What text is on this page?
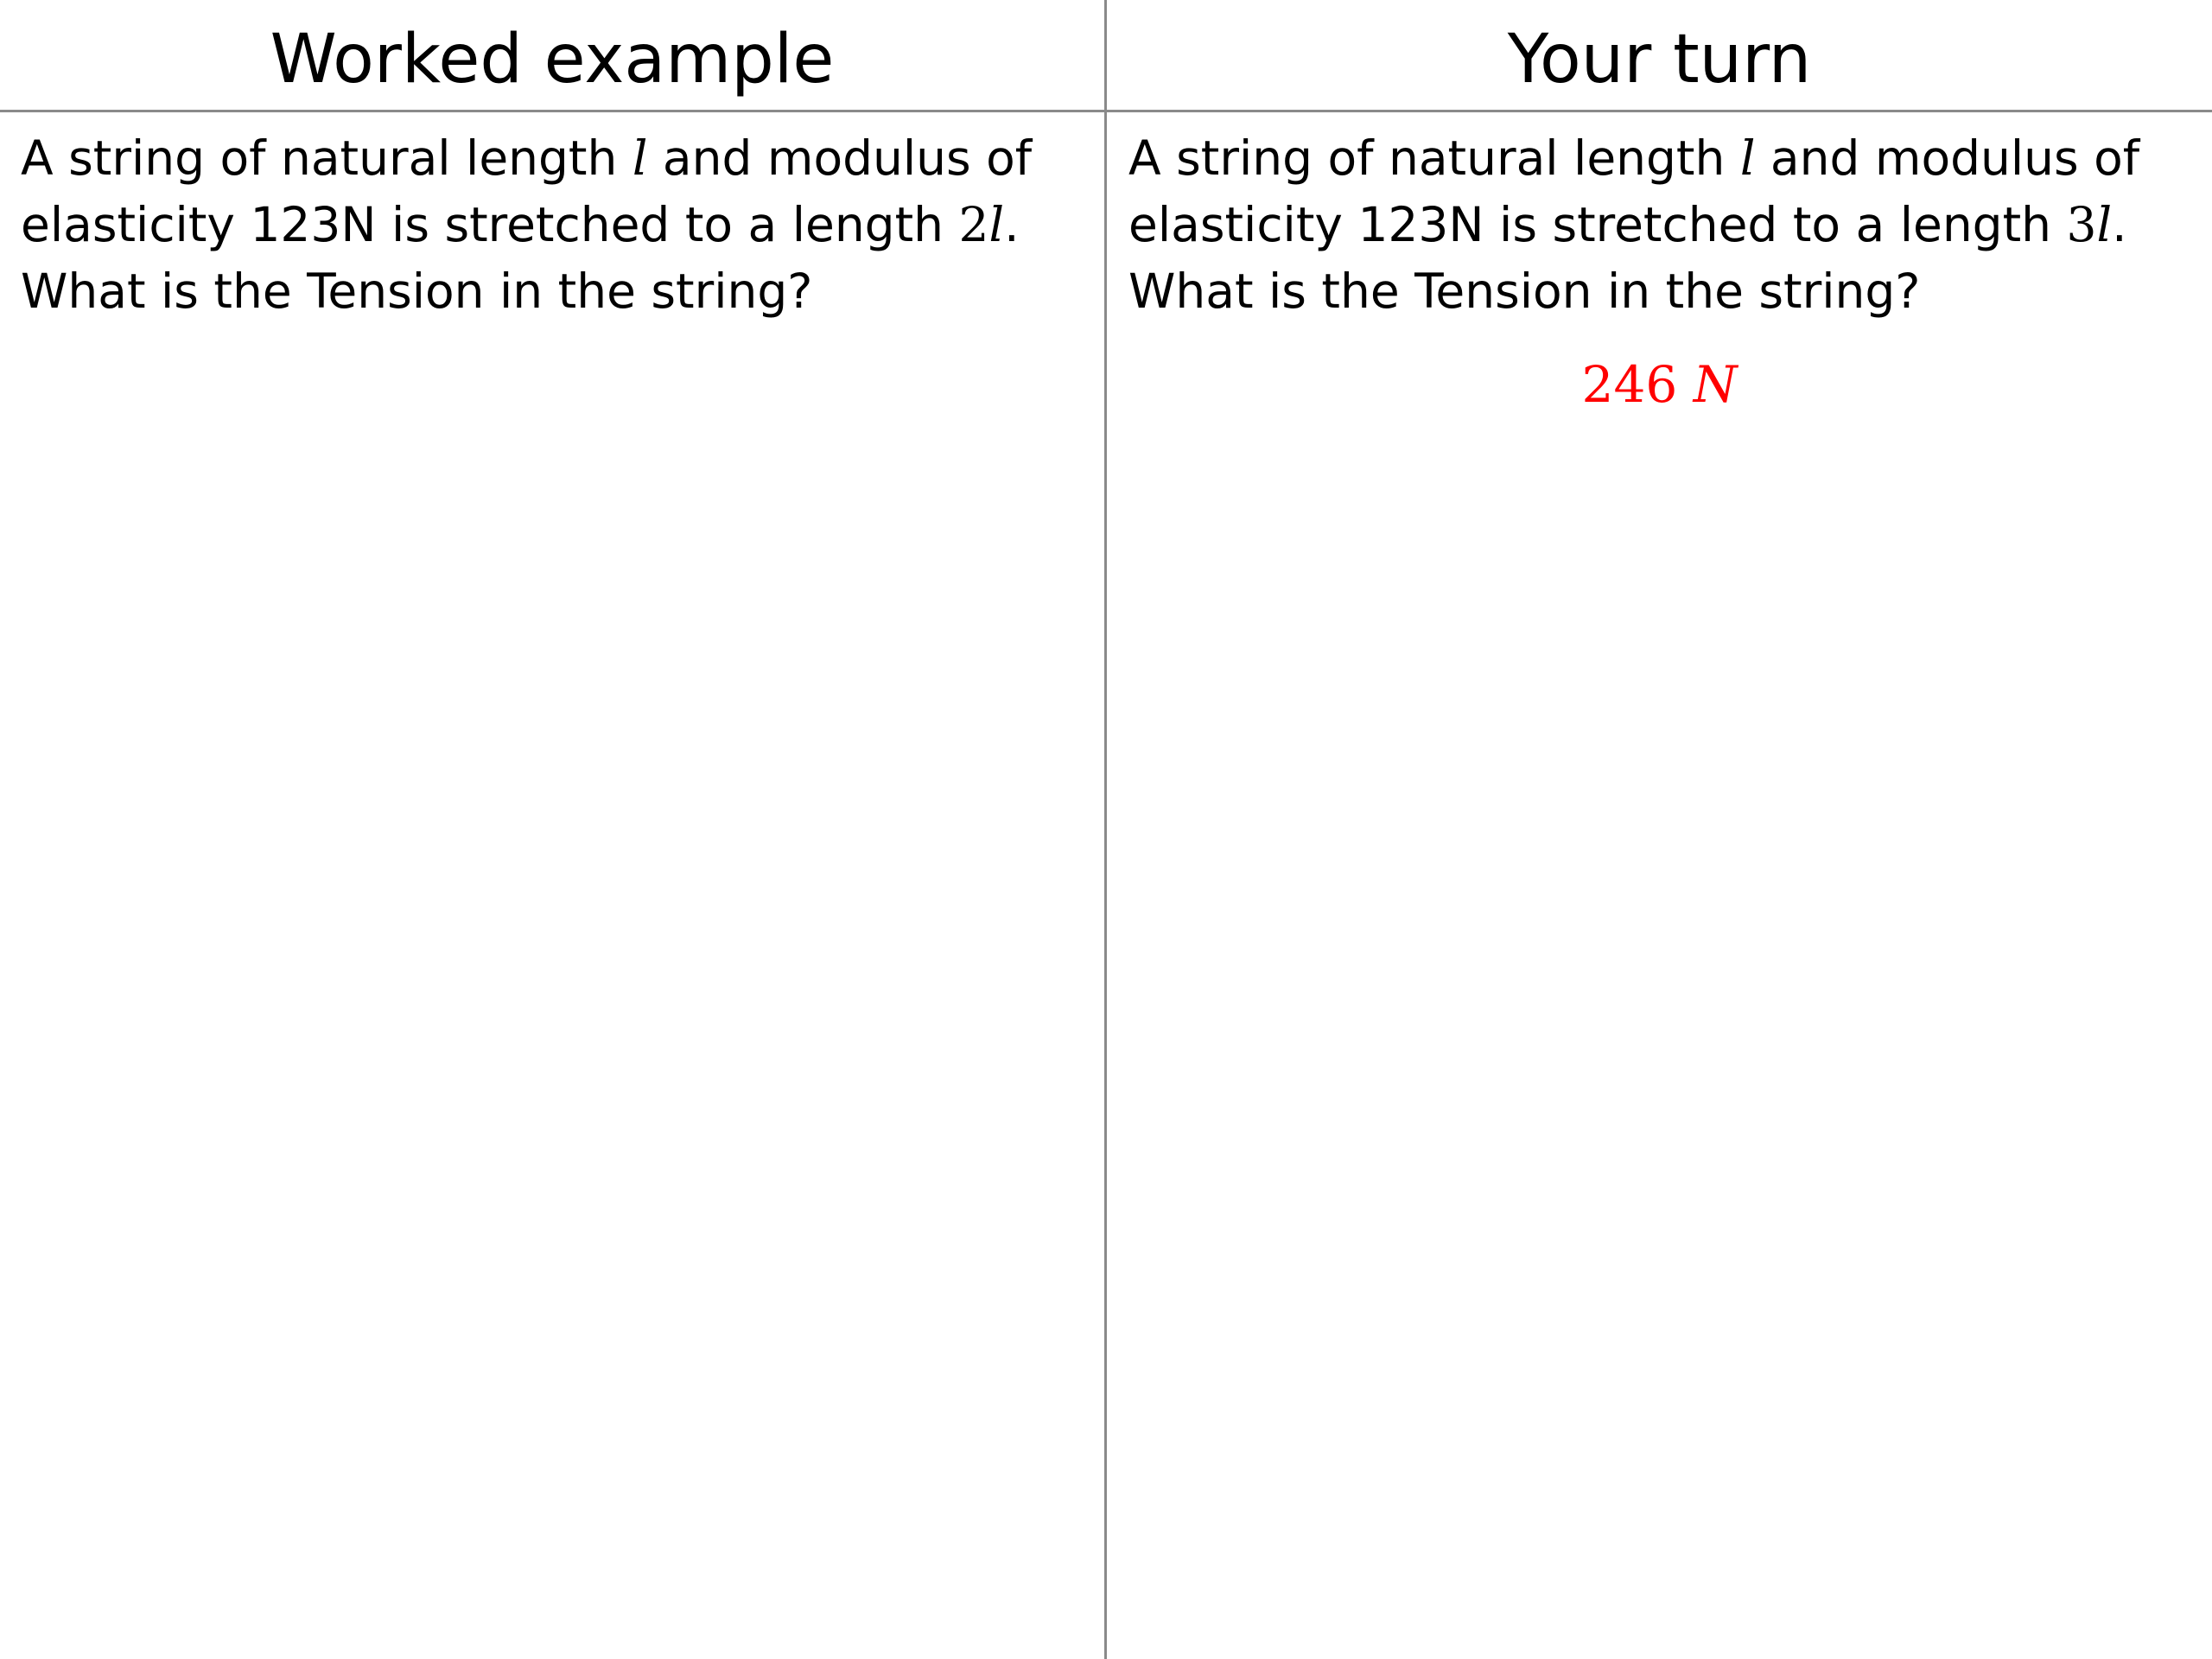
Worked example	Your turn
A string of natural length l and modulus of
elasticity 123N is stretched to a length 2l.
What is the Tension in the string?
A string of natural length l and modulus of
elasticity 123N is stretched to a length 3l.
What is the Tension in the string?
246 N
